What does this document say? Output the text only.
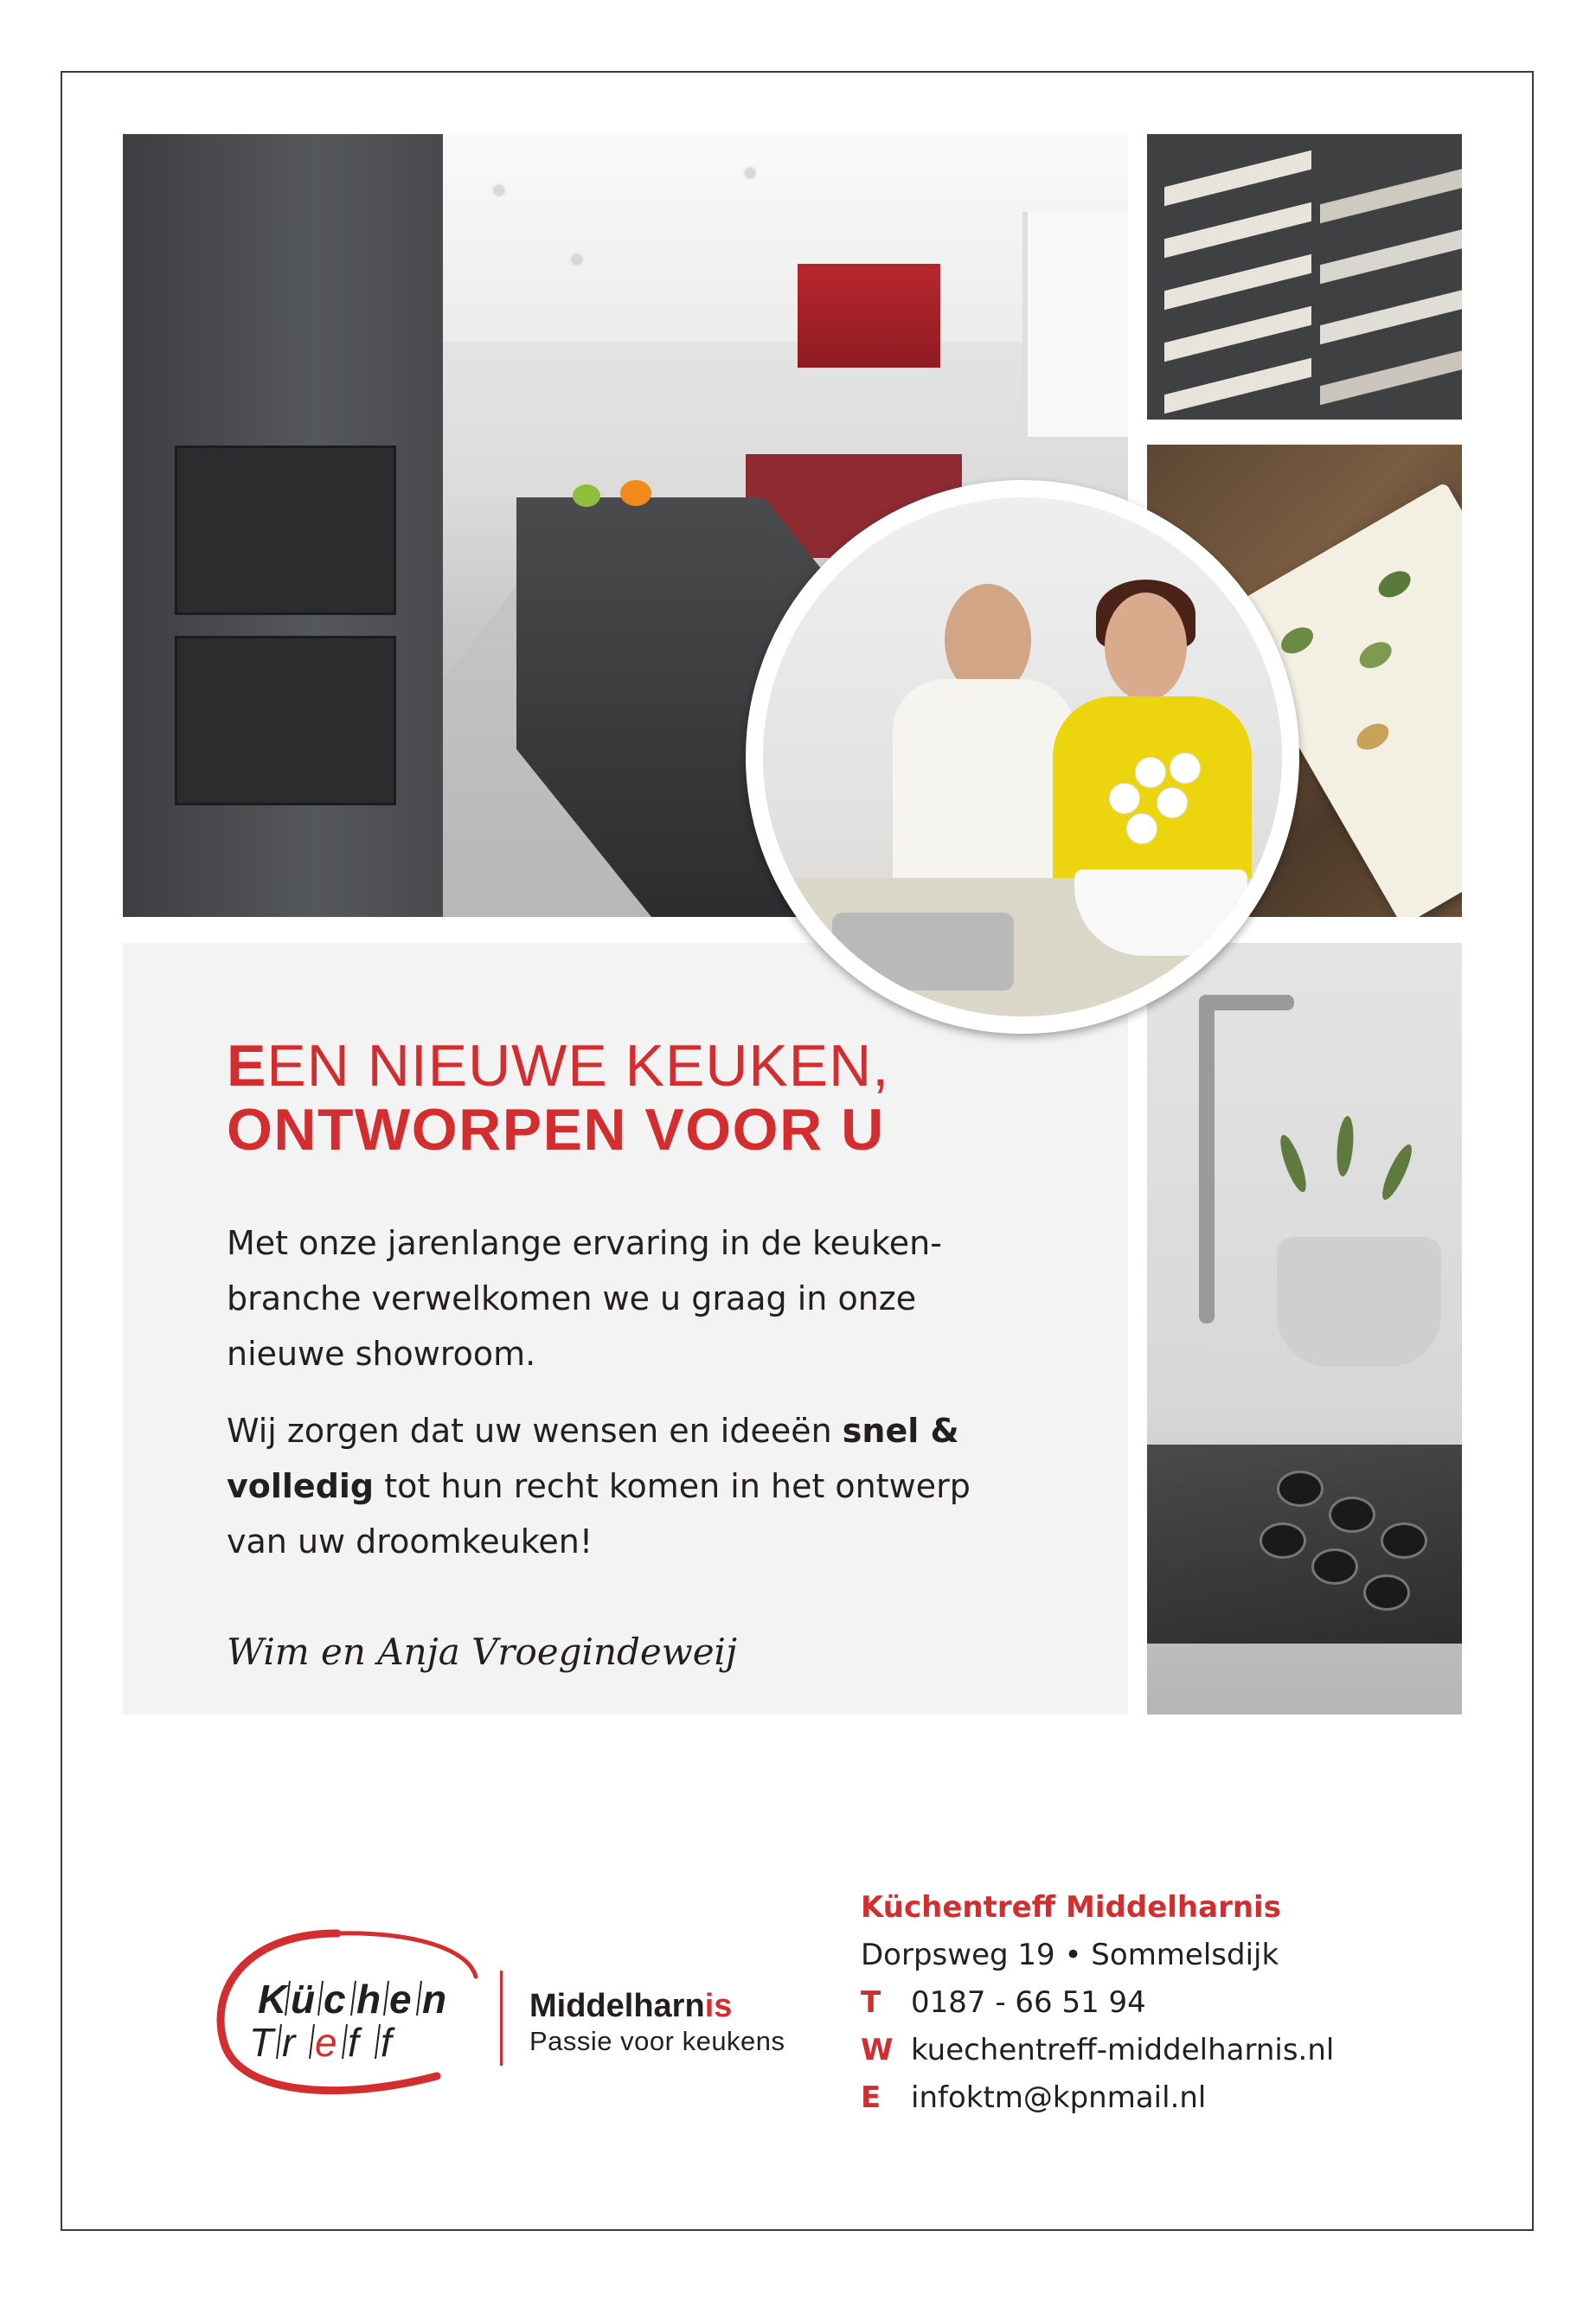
EEN NIEUWE KEUKEN,
ONTWORPEN VOOR U

Met onze jarenlange ervaring in de keuken-branche verwelkomen we u graag in onze nieuwe showroom.

Wij zorgen dat uw wensen en ideeën snel & volledig tot hun recht komen in het ontwerp van uw droomkeuken!

Wim en Anja Vroegindeweij

K ü c h e n
T r e f f

Middelharnis

Passie voor keukens

Küchentreff Middelharnis

Dorpsweg 19 • Sommelsdijk

T 0187 - 66 51 94

W kuechentreff-middelharnis.nl

E infoktm@kpnmail.nl
